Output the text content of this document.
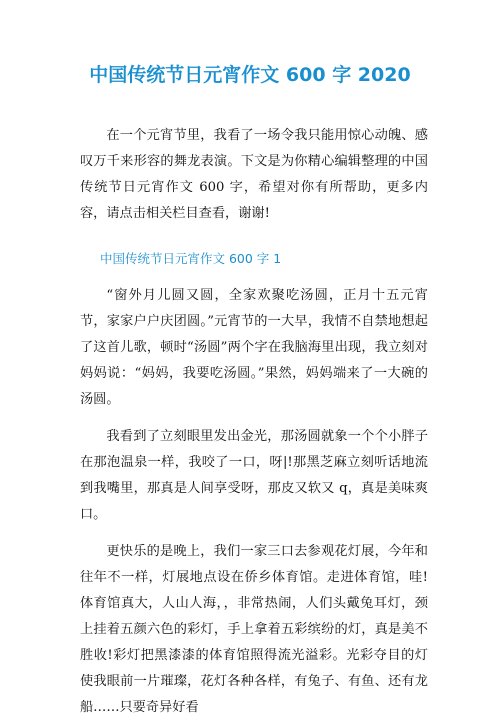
中国传统节日元宵作文 600 字 2020

在一个元宵节里，我看了一场令我只能用惊心动魄、感叹万千来形容的舞龙表演。下文是为你精心编辑整理的中国传统节日元宵作文 600 字，希望对你有所帮助，更多内容，请点击相关栏目查看，谢谢!

中国传统节日元宵作文 600 字 1

“窗外月儿圆又圆，全家欢聚吃汤圆，正月十五元宵节，家家户户庆团圆。”元宵节的一大早，我情不自禁地想起了这首儿歌，顿时“汤圆”两个字在我脑海里出现，我立刻对妈妈说：“妈妈，我要吃汤圆。”果然，妈妈端来了一大碗的汤圆。

我看到了立刻眼里发出金光，那汤圆就象一个个小胖子在那泡温泉一样，我咬了一口，呀|!那黑芝麻立刻听话地流到我嘴里，那真是人间享受呀，那皮又软又 q，真是美味爽口。

更快乐的是晚上，我们一家三口去参观花灯展，今年和往年不一样，灯展地点设在侨乡体育馆。走进体育馆，哇!体育馆真大，人山人海，，非常热闹，人们头戴兔耳灯，颈上挂着五颜六色的彩灯，手上拿着五彩缤纷的灯，真是美不胜收!彩灯把黑漆漆的体育馆照得流光溢彩。光彩夺目的灯使我眼前一片璀璨，花灯各种各样，有兔子、有鱼、还有龙船……只要奇异好看
